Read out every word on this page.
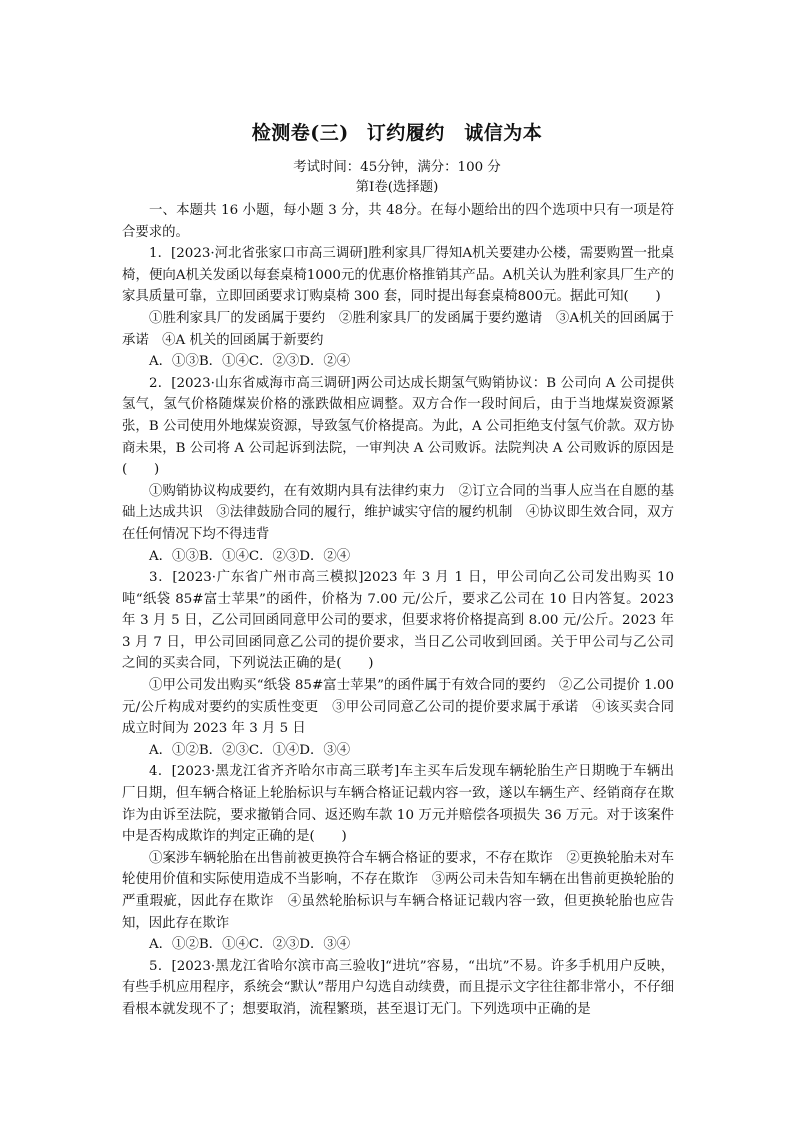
检测卷(三) 订约履约　诚信为本
考试时间：45分钟，满分：100 分
第Ⅰ卷(选择题)

一、本题共 16 小题，每小题 3 分，共 48分。在每小题给出的四个选项中只有一项是符合要求的。

1．[2023·河北省张家口市高三调研]胜利家具厂得知A机关要建办公楼，需要购置一批桌椅，便向A机关发函以每套桌椅1000元的优惠价格推销其产品。A机关认为胜利家具厂生产的家具质量可靠，立即回函要求订购桌椅 300 套，同时提出每套桌椅800元。据此可知(　　)

①胜利家具厂的发函属于要约　②胜利家具厂的发函属于要约邀请　③A机关的回函属于承诺　④A 机关的回函属于新要约

A．①③B．①④C．②③D．②④

2．[2023·山东省威海市高三调研]两公司达成长期氢气购销协议：B 公司向 A 公司提供氢气，氢气价格随煤炭价格的涨跌做相应调整。双方合作一段时间后，由于当地煤炭资源紧张，B 公司使用外地煤炭资源，导致氢气价格提高。为此，A 公司拒绝支付氢气价款。双方协商未果，B 公司将 A 公司起诉到法院，一审判决 A 公司败诉。法院判决 A 公司败诉的原因是(　　)

①购销协议构成要约，在有效期内具有法律约束力　②订立合同的当事人应当在自愿的基础上达成共识　③法律鼓励合同的履行，维护诚实守信的履约机制　④协议即生效合同，双方在任何情况下均不得违背

A．①③B．①④C．②③D．②④

3．[2023·广东省广州市高三模拟]2023 年 3 月 1 日，甲公司向乙公司发出购买 10 吨“纸袋 85#富士苹果”的函件，价格为 7.00 元/公斤，要求乙公司在 10 日内答复。2023 年 3 月 5 日，乙公司回函同意甲公司的要求，但要求将价格提高到 8.00 元/公斤。2023 年 3 月 7 日，甲公司回函同意乙公司的提价要求，当日乙公司收到回函。关于甲公司与乙公司之间的买卖合同，下列说法正确的是(　　)

①甲公司发出购买“纸袋 85#富士苹果”的函件属于有效合同的要约　②乙公司提价 1.00 元/公斤构成对要约的实质性变更　③甲公司同意乙公司的提价要求属于承诺　④该买卖合同成立时间为 2023 年 3 月 5 日

A．①②B．②③C．①④D．③④

4．[2023·黑龙江省齐齐哈尔市高三联考]车主买车后发现车辆轮胎生产日期晚于车辆出厂日期，但车辆合格证上轮胎标识与车辆合格证记载内容一致，遂以车辆生产、经销商存在欺诈为由诉至法院，要求撤销合同、返还购车款 10 万元并赔偿各项损失 36 万元。对于该案件中是否构成欺诈的判定正确的是(　　)

①案涉车辆轮胎在出售前被更换符合车辆合格证的要求，不存在欺诈　②更换轮胎未对车轮使用价值和实际使用造成不当影响，不存在欺诈　③两公司未告知车辆在出售前更换轮胎的严重瑕疵，因此存在欺诈　④虽然轮胎标识与车辆合格证记载内容一致，但更换轮胎也应告知，因此存在欺诈

A．①②B．①④C．②③D．③④

5．[2023·黑龙江省哈尔滨市高三验收]“进坑”容易，“出坑”不易。许多手机用户反映，有些手机应用程序，系统会“默认”帮用户勾选自动续费，而且提示文字往往都非常小，不仔细看根本就发现不了；想要取消，流程繁琐，甚至退订无门。下列选项中正确的是
